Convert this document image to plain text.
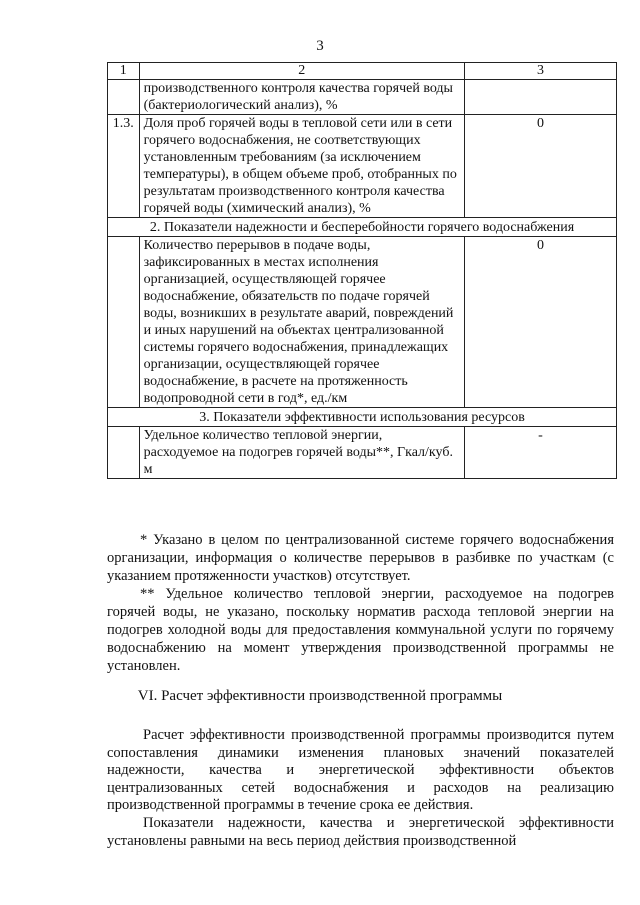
3
1	2	3
	производственного контроля качества горячей воды (бактериологический анализ), %	
1.3.	Доля проб горячей воды в тепловой сети или в сети горячего водоснабжения, не соответствующих установленным требованиям (за исключением температуры), в общем объеме проб, отобранных по результатам производственного контроля качества горячей воды (химический анализ), %	0
2. Показатели надежности и бесперебойности горячего водоснабжения		
	Количество перерывов в подаче воды, зафиксированных в местах исполнения организацией, осуществляющей горячее водоснабжение, обязательств по подаче горячей воды, возникших в результате аварий, повреждений и иных нарушений на объектах централизованной системы горячего водоснабжения, принадлежащих организации, осуществляющей горячее водоснабжение, в расчете на протяженность водопроводной сети в год*, ед./км	0
3. Показатели эффективности использования ресурсов		
	Удельное количество тепловой энергии, расходуемое на подогрев горячей воды**, Гкал/куб. м	-

* Указано в целом по централизованной системе горячего водоснабжения организации, информация о количестве перерывов в разбивке по участкам (с указанием протяженности участков) отсутствует.

** Удельное количество тепловой энергии, расходуемое на подогрев горячей воды, не указано, поскольку норматив расхода тепловой энергии на подогрев холодной воды для предоставления коммунальной услуги по горячему водоснабжению на момент утверждения производственной программы не установлен.

VI. Расчет эффективности производственной программы

Расчет эффективности производственной программы производится путем сопоставления динамики изменения плановых значений показателей надежности, качества и энергетической эффективности объектов централизованных сетей водоснабжения и расходов на реализацию производственной программы в течение срока ее действия.

Показатели надежности, качества и энергетической эффективности установлены равными на весь период действия производственной
